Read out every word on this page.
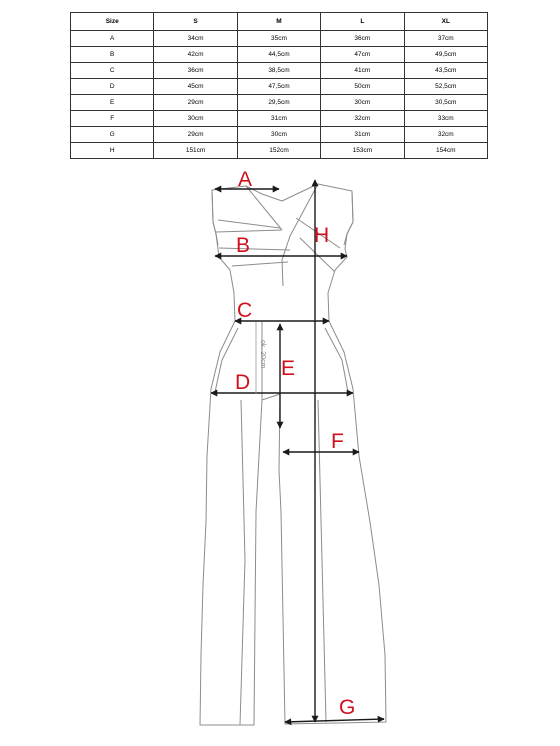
Size	S	M	L	XL
A	34cm	35cm	36cm	37cm
B	42cm	44,5cm	47cm	49,5cm
C	36cm	38,5cm	41cm	43,5cm
D	45cm	47,5cm	50cm	52,5cm
E	29cm	29,5cm	30cm	30,5cm
F	30cm	31cm	32cm	33cm
G	29cm	30cm	31cm	32cm
H	151cm	152cm	153cm	154cm
A
B
C
D
E
F
G
H
ok. 20cm
